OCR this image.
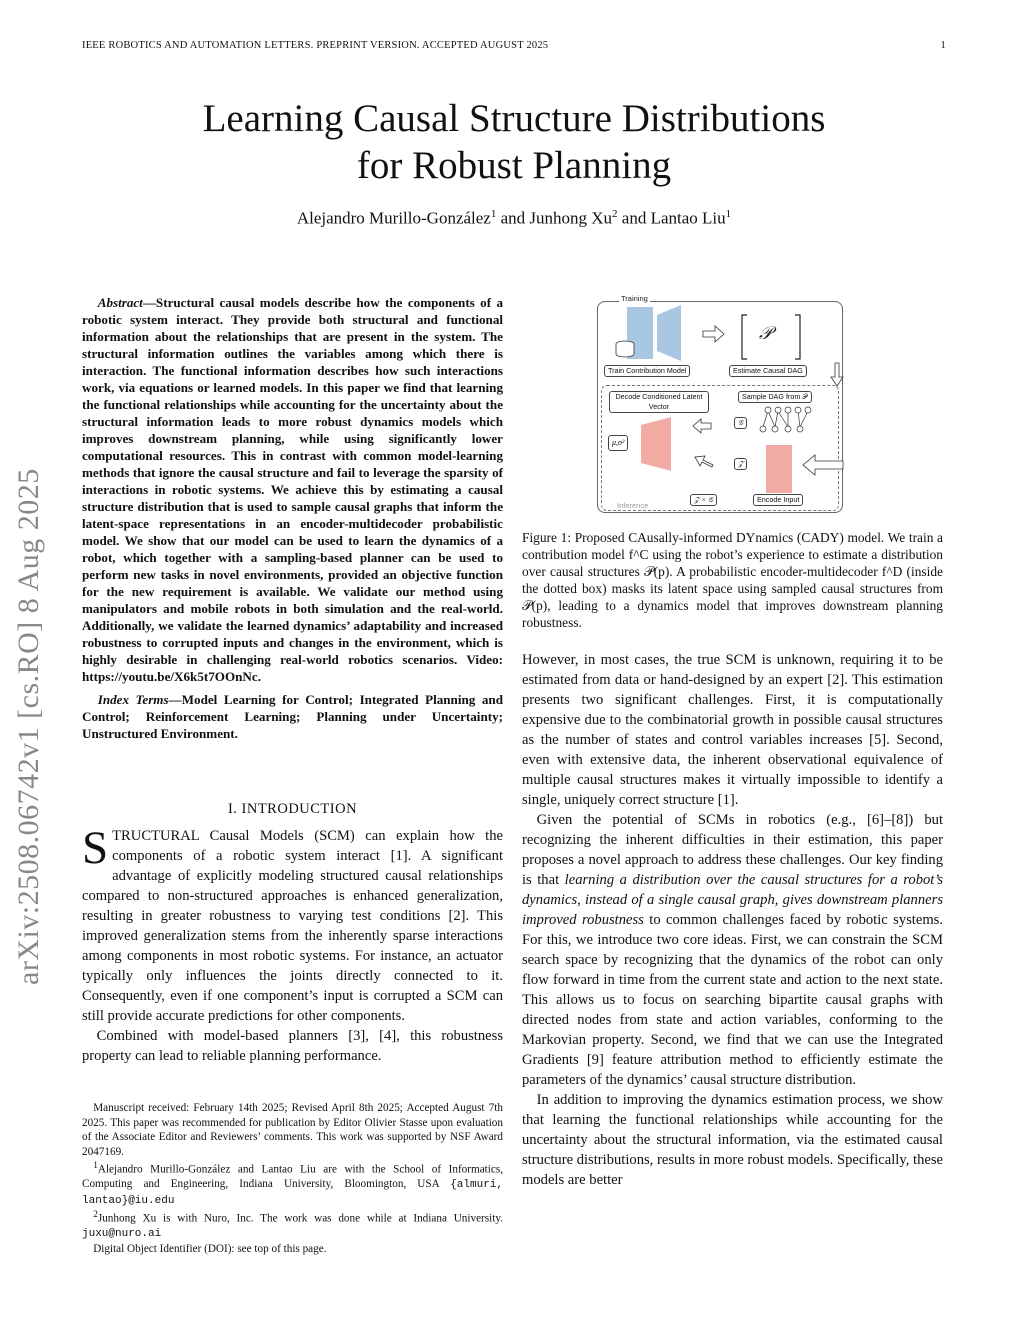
IEEE ROBOTICS AND AUTOMATION LETTERS. PREPRINT VERSION. ACCEPTED AUGUST 2025	1
arXiv:2508.06742v1 [cs.RO] 8 Aug 2025
Learning Causal Structure Distributions
for Robust Planning
Alejandro Murillo-González$^1$ and Junhong Xu$^2$ and Lantao Liu$^1$

Abstract—Structural causal models describe how the components of a robotic system interact. They provide both structural and functional information about the relationships that are present in the system. The structural information outlines the variables among which there is interaction. The functional information describes how such interactions work, via equations or learned models. In this paper we find that learning the functional relationships while accounting for the uncertainty about the structural information leads to more robust dynamics models which improves downstream planning, while using significantly lower computational resources. This in contrast with common model-learning methods that ignore the causal structure and fail to leverage the sparsity of interactions in robotic systems. We achieve this by estimating a causal structure distribution that is used to sample causal graphs that inform the latent-space representations in an encoder-multidecoder probabilistic model. We show that our model can be used to learn the dynamics of a robot, which together with a sampling-based planner can be used to perform new tasks in novel environments, provided an objective function for the new requirement is available. We validate our method using manipulators and mobile robots in both simulation and the real-world. Additionally, we validate the learned dynamics’ adaptability and increased robustness to corrupted inputs and changes in the environment, which is highly desirable in challenging real-world robotics scenarios. Video: https://youtu.be/X6k5t7OOnNc.

Index Terms—Model Learning for Control; Integrated Planning and Control; Reinforcement Learning; Planning under Uncertainty; Unstructured Environment.

I. INTRODUCTION

STRUCTURAL Causal Models (SCM) can explain how the components of a robotic system interact [1]. A significant advantage of explicitly modeling structured causal relationships compared to non-structured approaches is enhanced generalization, resulting in greater robustness to varying test conditions [2]. This improved generalization stems from the inherently sparse interactions among components in most robotic systems. For instance, an actuator typically only influences the joints directly connected to it. Consequently, even if one component’s input is corrupted a SCM can still provide accurate predictions for other components.

Combined with model-based planners [3], [4], this robustness property can lead to reliable planning performance.

Manuscript received: February 14th 2025; Revised April 8th 2025; Accepted August 7th 2025. This paper was recommended for publication by Editor Olivier Stasse upon evaluation of the Associate Editor and Reviewers’ comments. This work was supported by NSF Award 2047169.

$^1$Alejandro Murillo-González and Lantao Liu are with the School of Informatics, Computing and Engineering, Indiana University, Bloomington, USA {almuri, lantao}@iu.edu

$^2$Junhong Xu is with Nuro, Inc. The work was done while at Indiana University. juxu@nuro.ai

Digital Object Identifier (DOI): see top of this page.

Training
Inference
𝒫
Train Contribution Model	Estimate Causal DAG
Decode Conditioned Latent Vector
Sample DAG from 𝒫
μ,σ²
𝒢
𝒵
𝒵 × 𝒢	Encode Input
Figure 1: Proposed CAusally-informed DYnamics (CADY) model. We train a contribution model f^C using the robot’s experience to estimate a distribution over causal structures 𝒫(p). A probabilistic encoder-multidecoder f^D (inside the dotted box) masks its latent space using sampled causal structures from 𝒫(p), leading to a dynamics model that improves downstream planning robustness.

However, in most cases, the true SCM is unknown, requiring it to be estimated from data or hand-designed by an expert [2]. This estimation presents two significant challenges. First, it is computationally expensive due to the combinatorial growth in possible causal structures as the number of states and control variables increases [5]. Second, even with extensive data, the inherent observational equivalence of multiple causal structures makes it virtually impossible to identify a single, uniquely correct structure [1].

Given the potential of SCMs in robotics (e.g., [6]–[8]) but recognizing the inherent difficulties in their estimation, this paper proposes a novel approach to address these challenges. Our key finding is that learning a distribution over the causal structures for a robot’s dynamics, instead of a single causal graph, gives downstream planners improved robustness to common challenges faced by robotic systems. For this, we introduce two core ideas. First, we can constrain the SCM search space by recognizing that the dynamics of the robot can only flow forward in time from the current state and action to the next state. This allows us to focus on searching bipartite causal graphs with directed nodes from state and action variables, conforming to the Markovian property. Second, we find that we can use the Integrated Gradients [9] feature attribution method to efficiently estimate the parameters of the dynamics’ causal structure distribution.

In addition to improving the dynamics estimation process, we show that learning the functional relationships while accounting for the uncertainty about the structural information, via the estimated causal structure distributions, results in more robust models. Specifically, these models are better
